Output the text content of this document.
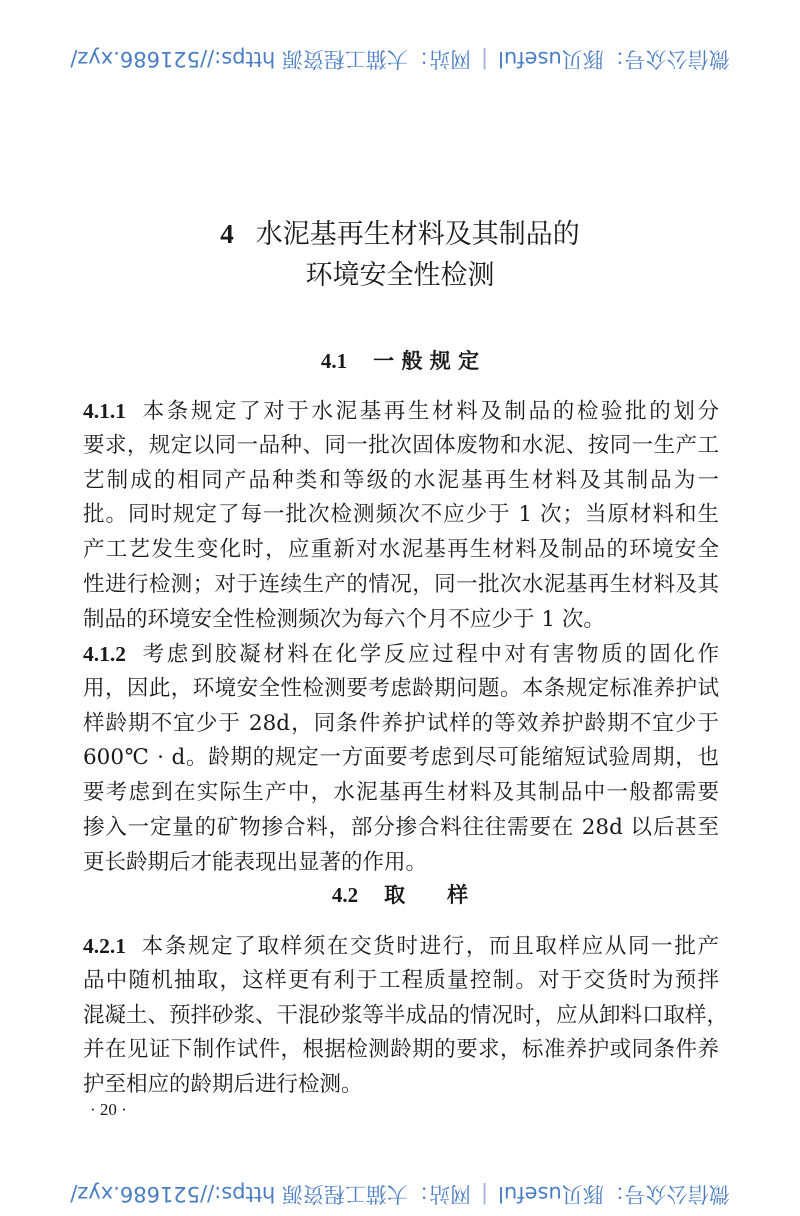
微信公众号：豚贝useful
|
网站：大猫工程资源 https://521686.xyz/
4 水泥基再生材料及其制品的
环境安全性检测
4.1 一 般 规 定
4.1.1 本条规定了对于水泥基再生材料及制品的检验批的划分
要求，规定以同一品种、同一批次固体废物和水泥、按同一生产工
艺制成的相同产品种类和等级的水泥基再生材料及其制品为一
批。同时规定了每一批次检测频次不应少于 1 次；当原材料和生
产工艺发生变化时，应重新对水泥基再生材料及制品的环境安全
性进行检测；对于连续生产的情况，同一批次水泥基再生材料及其
制品的环境安全性检测频次为每六个月不应少于 1 次。
4.1.2 考虑到胶凝材料在化学反应过程中对有害物质的固化作
用，因此，环境安全性检测要考虑龄期问题。本条规定标准养护试
样龄期不宜少于 28d，同条件养护试样的等效养护龄期不宜少于
600℃ · d。龄期的规定一方面要考虑到尽可能缩短试验周期，也
要考虑到在实际生产中，水泥基再生材料及其制品中一般都需要
掺入一定量的矿物掺合料，部分掺合料往往需要在 28d 以后甚至
更长龄期后才能表现出显著的作用。
4.2 取　　样
4.2.1 本条规定了取样须在交货时进行，而且取样应从同一批产
品中随机抽取，这样更有利于工程质量控制。对于交货时为预拌
混凝土、预拌砂浆、干混砂浆等半成品的情况时，应从卸料口取样，
并在见证下制作试件，根据检测龄期的要求，标准养护或同条件养
护至相应的龄期后进行检测。
· 20 ·
微信公众号：豚贝useful
|
网站：大猫工程资源 https://521686.xyz/
